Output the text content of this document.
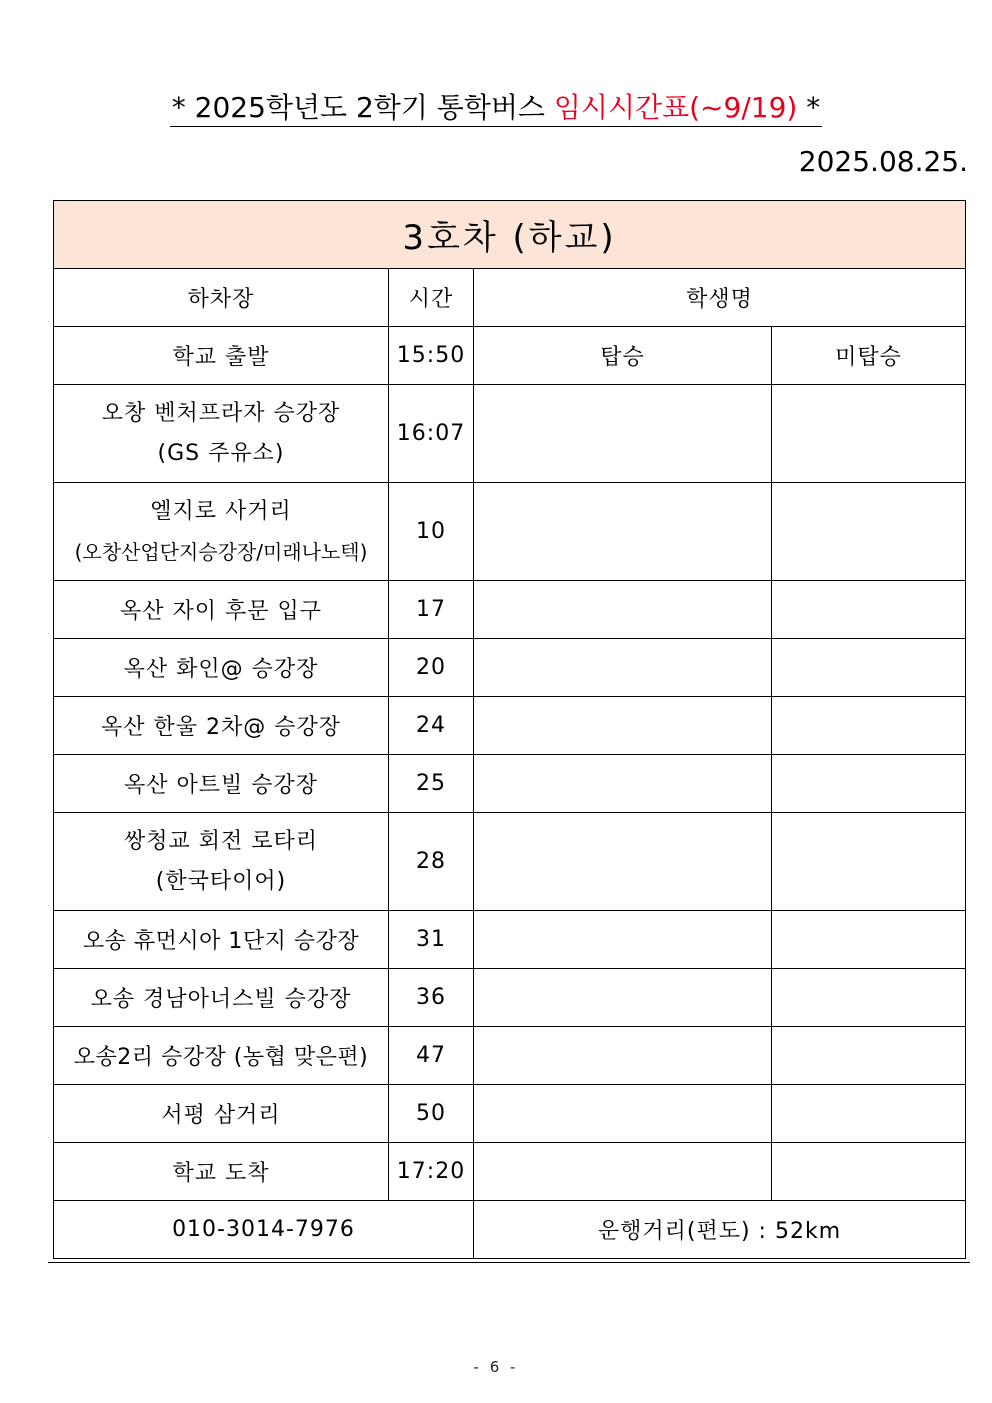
* 2025학년도 2학기 통학버스 임시시간표(~9/19) *
2025.08.25.
3호차 (하교)			
하차장	시간	학생명	
학교 출발	15:50	탑승	미탑승

오창 벤처프라자 승강장
(GS 주유소)	16:07		

엘지로 사거리
(오창산업단지승강장/미래나노텍)	10		

옥산 자이 후문 입구	17		

옥산 화인@ 승강장	20		

옥산 한울 2차@ 승강장	24		

옥산 아트빌 승강장	25		

쌍청교 회전 로타리
(한국타이어)	28		

오송 휴먼시아 1단지 승강장	31		

오송 경남아너스빌 승강장	36		

오송2리 승강장 (농협 맞은편)	47		

서평 삼거리	50		

학교 도착	17:20		
010-3014-7976		운행거리(편도) : 52km	
- 6 -
